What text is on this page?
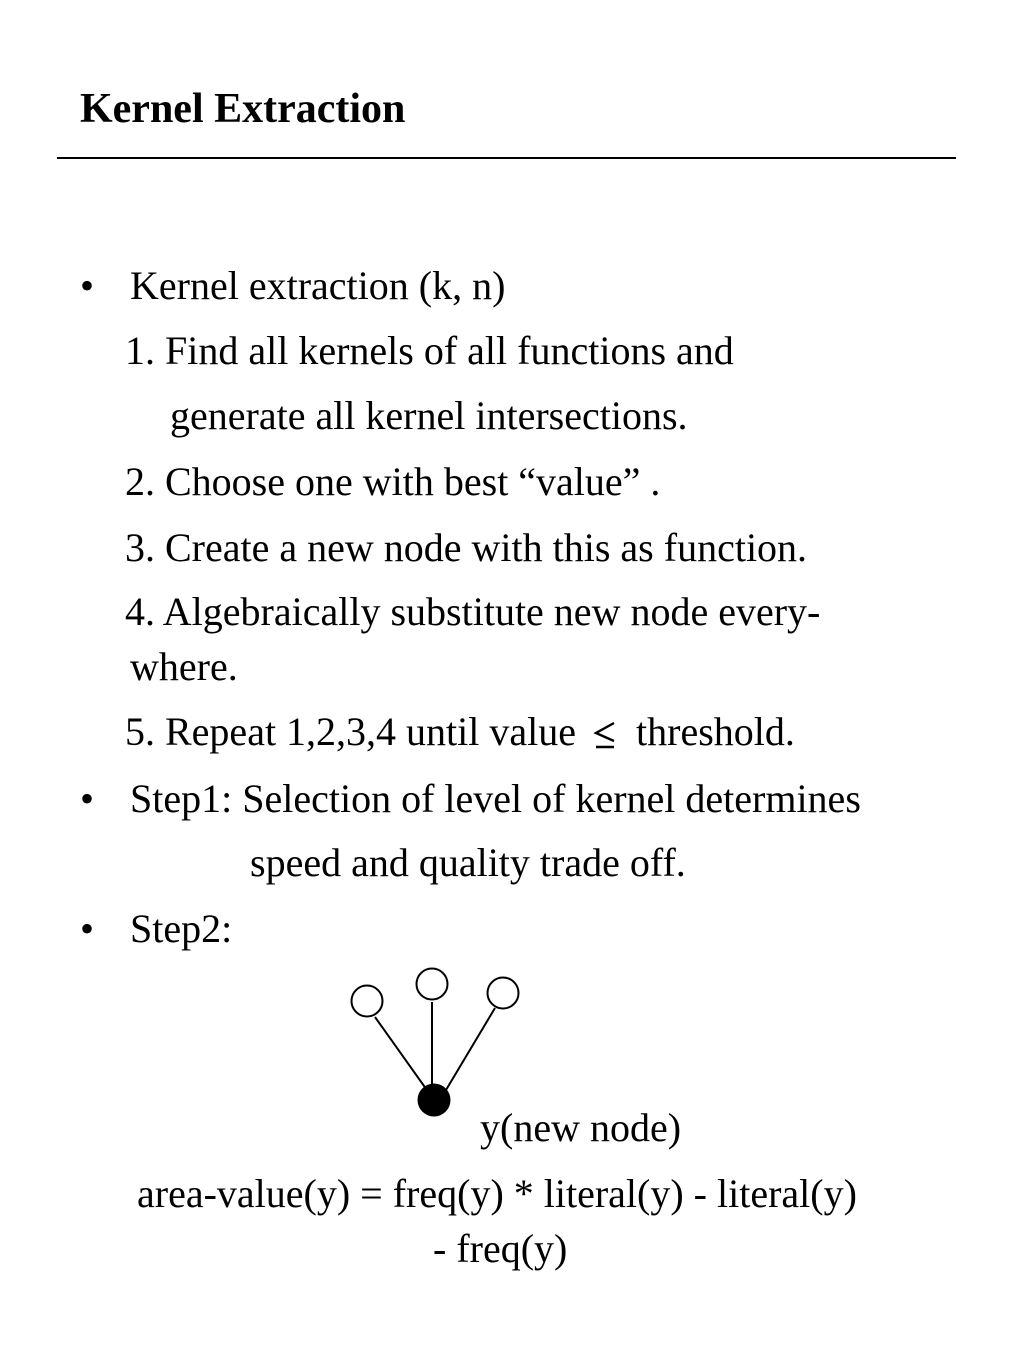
Kernel Extraction
• Kernel extraction (k, n)
1. Find all kernels of all functions and
generate all kernel intersections.
2. Choose one with best “value” .
3. Create a new node with this as function.
4. Algebraically substitute new node every-
where.
5. Repeat 1,2,3,4 until value threshold.
• Step1: Selection of level of kernel determines
speed and quality trade off.
• Step2:
y(new node)
area-value(y) = freq(y) * literal(y) - literal(y)
- freq(y)
